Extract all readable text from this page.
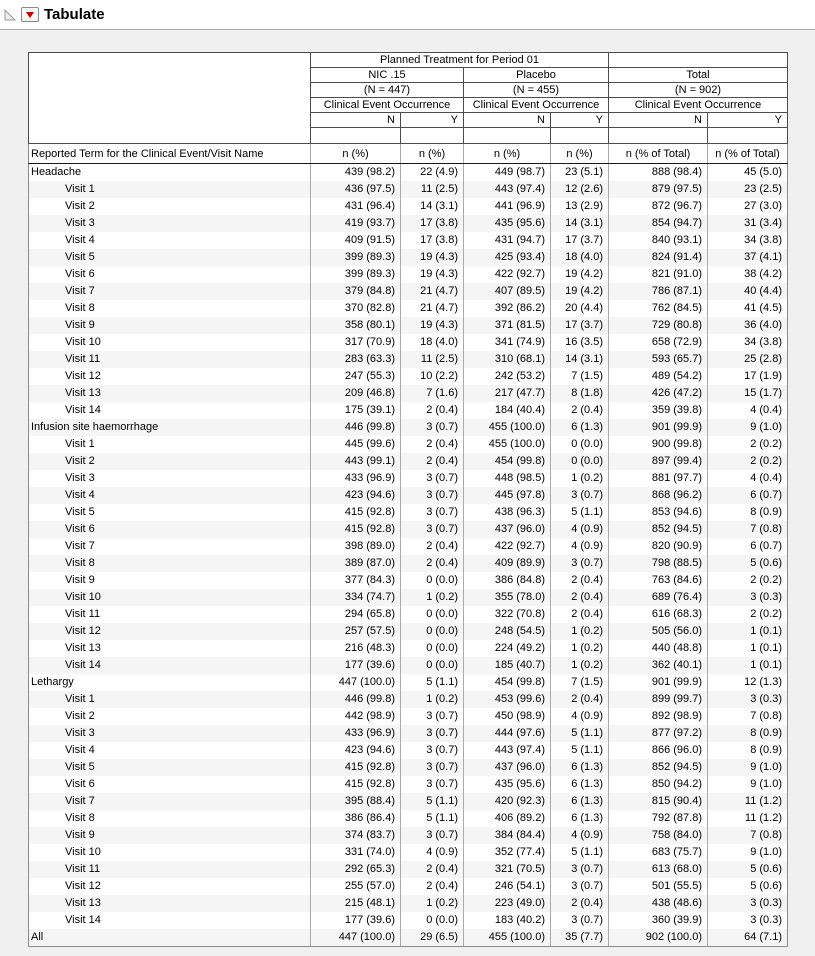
Tabulate
	Planned Treatment for Period 01					
	NIC .15		Placebo		Total	
	(N = 447)		(N = 455)		(N = 902)	
	Clinical Event Occurrence		Clinical Event Occurrence		Clinical Event Occurrence	
	N	Y	N	Y	N	Y

Reported Term for the Clinical Event/Visit Name	n (%)	n (%)	n (%)	n (%)	n (% of Total)	n (% of Total)
Headache	439 (98.2)	22 (4.9)	449 (98.7)	23 (5.1)	888 (98.4)	45 (5.0)
Visit 1	436 (97.5)	11 (2.5)	443 (97.4)	12 (2.6)	879 (97.5)	23 (2.5)
Visit 2	431 (96.4)	14 (3.1)	441 (96.9)	13 (2.9)	872 (96.7)	27 (3.0)
Visit 3	419 (93.7)	17 (3.8)	435 (95.6)	14 (3.1)	854 (94.7)	31 (3.4)
Visit 4	409 (91.5)	17 (3.8)	431 (94.7)	17 (3.7)	840 (93.1)	34 (3.8)
Visit 5	399 (89.3)	19 (4.3)	425 (93.4)	18 (4.0)	824 (91.4)	37 (4.1)
Visit 6	399 (89.3)	19 (4.3)	422 (92.7)	19 (4.2)	821 (91.0)	38 (4.2)
Visit 7	379 (84.8)	21 (4.7)	407 (89.5)	19 (4.2)	786 (87.1)	40 (4.4)
Visit 8	370 (82.8)	21 (4.7)	392 (86.2)	20 (4.4)	762 (84.5)	41 (4.5)
Visit 9	358 (80.1)	19 (4.3)	371 (81.5)	17 (3.7)	729 (80.8)	36 (4.0)
Visit 10	317 (70.9)	18 (4.0)	341 (74.9)	16 (3.5)	658 (72.9)	34 (3.8)
Visit 11	283 (63.3)	11 (2.5)	310 (68.1)	14 (3.1)	593 (65.7)	25 (2.8)
Visit 12	247 (55.3)	10 (2.2)	242 (53.2)	7 (1.5)	489 (54.2)	17 (1.9)
Visit 13	209 (46.8)	7 (1.6)	217 (47.7)	8 (1.8)	426 (47.2)	15 (1.7)
Visit 14	175 (39.1)	2 (0.4)	184 (40.4)	2 (0.4)	359 (39.8)	4 (0.4)
Infusion site haemorrhage	446 (99.8)	3 (0.7)	455 (100.0)	6 (1.3)	901 (99.9)	9 (1.0)
Visit 1	445 (99.6)	2 (0.4)	455 (100.0)	0 (0.0)	900 (99.8)	2 (0.2)
Visit 2	443 (99.1)	2 (0.4)	454 (99.8)	0 (0.0)	897 (99.4)	2 (0.2)
Visit 3	433 (96.9)	3 (0.7)	448 (98.5)	1 (0.2)	881 (97.7)	4 (0.4)
Visit 4	423 (94.6)	3 (0.7)	445 (97.8)	3 (0.7)	868 (96.2)	6 (0.7)
Visit 5	415 (92.8)	3 (0.7)	438 (96.3)	5 (1.1)	853 (94.6)	8 (0.9)
Visit 6	415 (92.8)	3 (0.7)	437 (96.0)	4 (0.9)	852 (94.5)	7 (0.8)
Visit 7	398 (89.0)	2 (0.4)	422 (92.7)	4 (0.9)	820 (90.9)	6 (0.7)
Visit 8	389 (87.0)	2 (0.4)	409 (89.9)	3 (0.7)	798 (88.5)	5 (0.6)
Visit 9	377 (84.3)	0 (0.0)	386 (84.8)	2 (0.4)	763 (84.6)	2 (0.2)
Visit 10	334 (74.7)	1 (0.2)	355 (78.0)	2 (0.4)	689 (76.4)	3 (0.3)
Visit 11	294 (65.8)	0 (0.0)	322 (70.8)	2 (0.4)	616 (68.3)	2 (0.2)
Visit 12	257 (57.5)	0 (0.0)	248 (54.5)	1 (0.2)	505 (56.0)	1 (0.1)
Visit 13	216 (48.3)	0 (0.0)	224 (49.2)	1 (0.2)	440 (48.8)	1 (0.1)
Visit 14	177 (39.6)	0 (0.0)	185 (40.7)	1 (0.2)	362 (40.1)	1 (0.1)
Lethargy	447 (100.0)	5 (1.1)	454 (99.8)	7 (1.5)	901 (99.9)	12 (1.3)
Visit 1	446 (99.8)	1 (0.2)	453 (99.6)	2 (0.4)	899 (99.7)	3 (0.3)
Visit 2	442 (98.9)	3 (0.7)	450 (98.9)	4 (0.9)	892 (98.9)	7 (0.8)
Visit 3	433 (96.9)	3 (0.7)	444 (97.6)	5 (1.1)	877 (97.2)	8 (0.9)
Visit 4	423 (94.6)	3 (0.7)	443 (97.4)	5 (1.1)	866 (96.0)	8 (0.9)
Visit 5	415 (92.8)	3 (0.7)	437 (96.0)	6 (1.3)	852 (94.5)	9 (1.0)
Visit 6	415 (92.8)	3 (0.7)	435 (95.6)	6 (1.3)	850 (94.2)	9 (1.0)
Visit 7	395 (88.4)	5 (1.1)	420 (92.3)	6 (1.3)	815 (90.4)	11 (1.2)
Visit 8	386 (86.4)	5 (1.1)	406 (89.2)	6 (1.3)	792 (87.8)	11 (1.2)
Visit 9	374 (83.7)	3 (0.7)	384 (84.4)	4 (0.9)	758 (84.0)	7 (0.8)
Visit 10	331 (74.0)	4 (0.9)	352 (77.4)	5 (1.1)	683 (75.7)	9 (1.0)
Visit 11	292 (65.3)	2 (0.4)	321 (70.5)	3 (0.7)	613 (68.0)	5 (0.6)
Visit 12	255 (57.0)	2 (0.4)	246 (54.1)	3 (0.7)	501 (55.5)	5 (0.6)
Visit 13	215 (48.1)	1 (0.2)	223 (49.0)	2 (0.4)	438 (48.6)	3 (0.3)
Visit 14	177 (39.6)	0 (0.0)	183 (40.2)	3 (0.7)	360 (39.9)	3 (0.3)
All	447 (100.0)	29 (6.5)	455 (100.0)	35 (7.7)	902 (100.0)	64 (7.1)
